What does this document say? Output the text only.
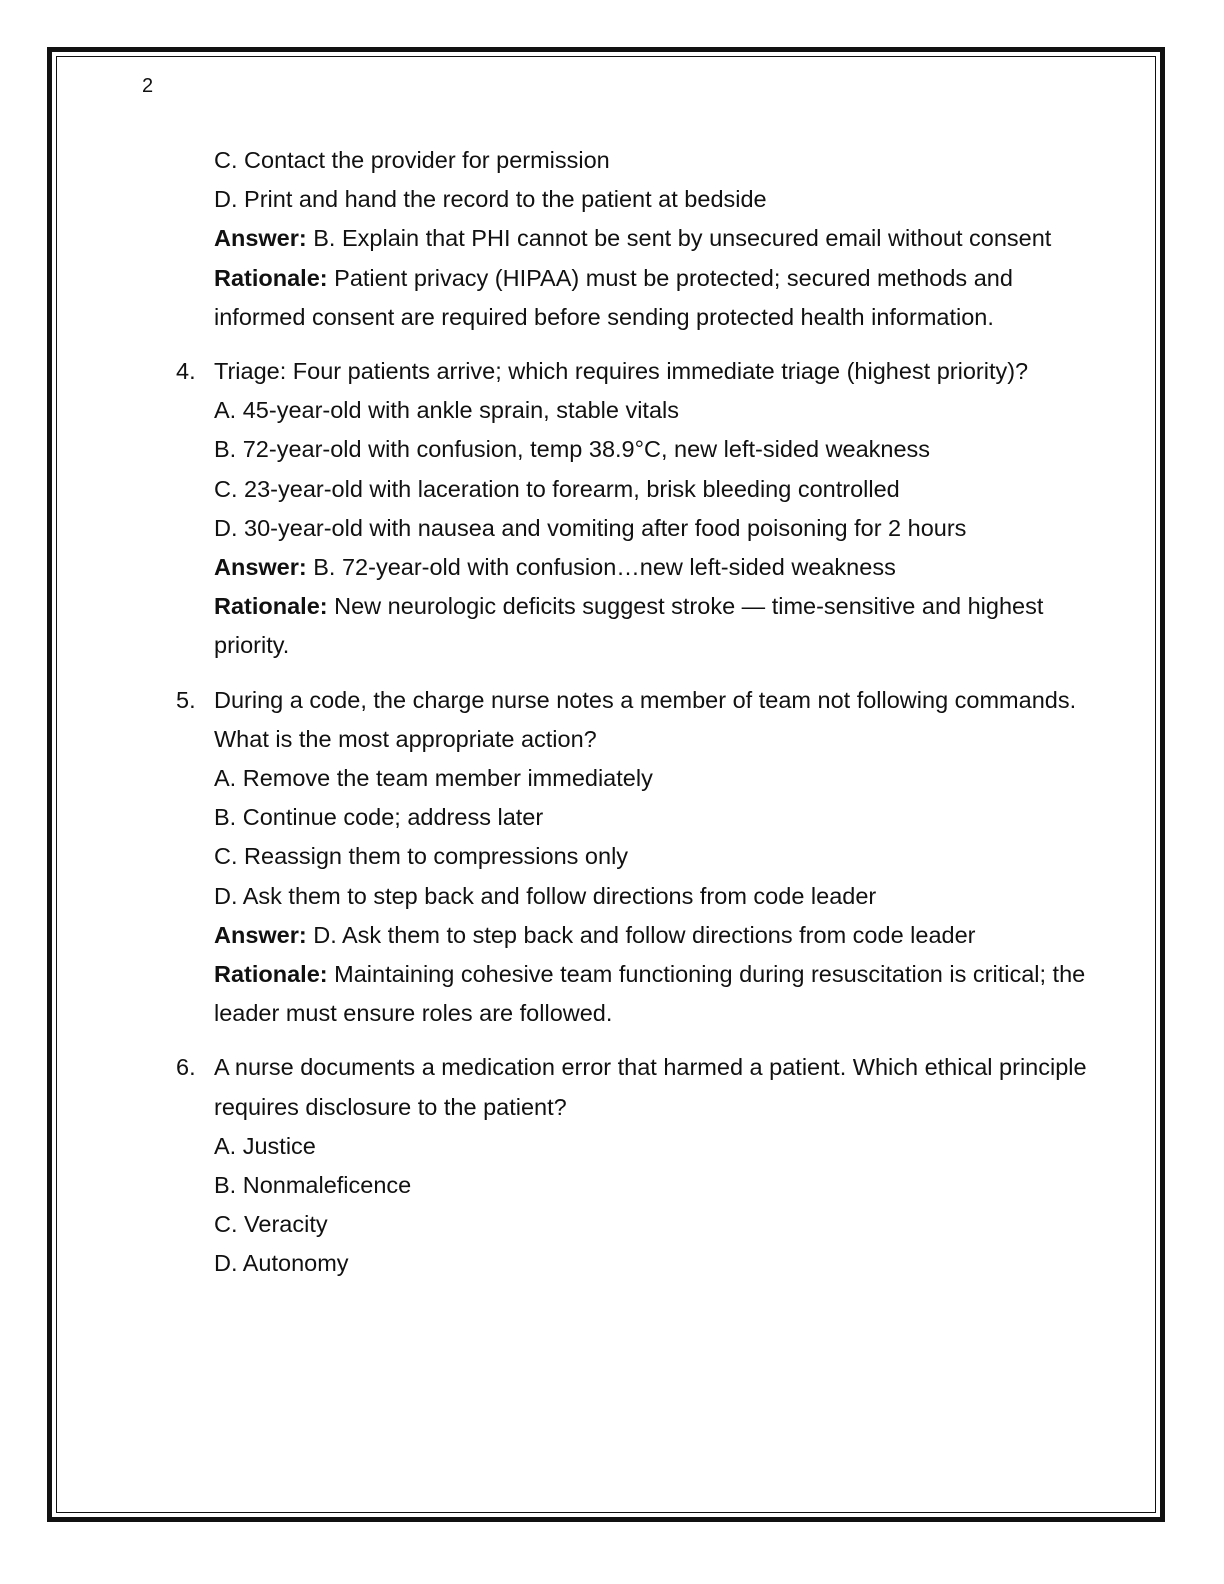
2
C. Contact the provider for permission
D. Print and hand the record to the patient at bedside
Answer: B. Explain that PHI cannot be sent by unsecured email without consent
Rationale: Patient privacy (HIPAA) must be protected; secured methods and informed consent are required before sending protected health information.
4. Triage: Four patients arrive; which requires immediate triage (highest priority)?
A. 45-year-old with ankle sprain, stable vitals
B. 72-year-old with confusion, temp 38.9°C, new left-sided weakness
C. 23-year-old with laceration to forearm, brisk bleeding controlled
D. 30-year-old with nausea and vomiting after food poisoning for 2 hours
Answer: B. 72-year-old with confusion…new left-sided weakness
Rationale: New neurologic deficits suggest stroke — time-sensitive and highest priority.
5. During a code, the charge nurse notes a member of team not following commands. What is the most appropriate action?
A. Remove the team member immediately
B. Continue code; address later
C. Reassign them to compressions only
D. Ask them to step back and follow directions from code leader
Answer: D. Ask them to step back and follow directions from code leader
Rationale: Maintaining cohesive team functioning during resuscitation is critical; the leader must ensure roles are followed.
6. A nurse documents a medication error that harmed a patient. Which ethical principle requires disclosure to the patient?
A. Justice
B. Nonmaleficence
C. Veracity
D. Autonomy
